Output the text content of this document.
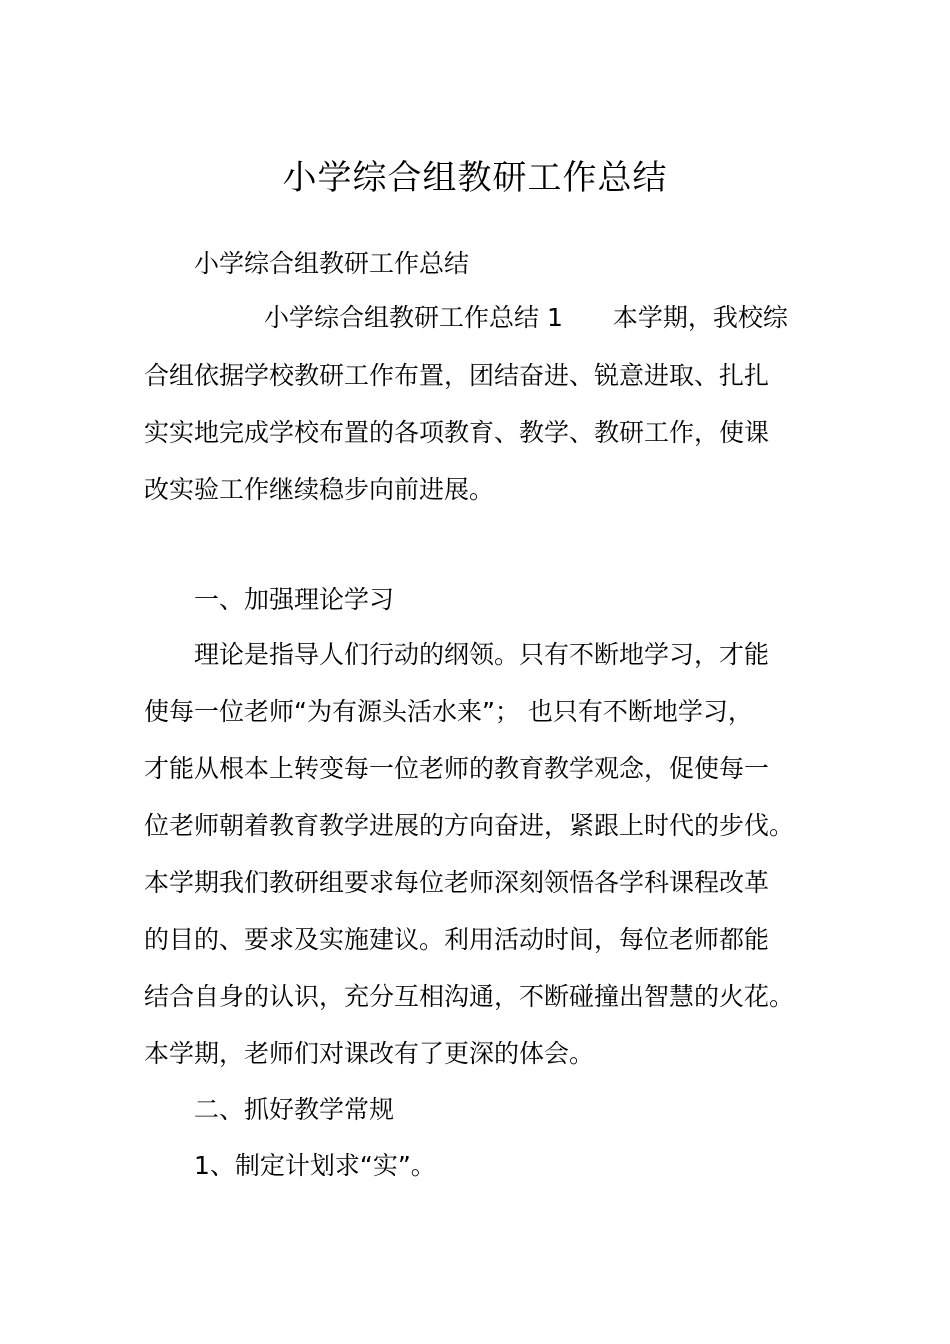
小学综合组教研工作总结
小学综合组教研工作总结
小学综合组教研工作总结 1 本学期，我校综
合组依据学校教研工作布置，团结奋进、锐意进取、扎扎
实实地完成学校布置的各项教育、教学、教研工作，使课
改实验工作继续稳步向前进展。
一、加强理论学习
理论是指导人们行动的纲领。只有不断地学习，才能
使每一位老师“为有源头活水来”； 也只有不断地学习，
才能从根本上转变每一位老师的教育教学观念，促使每一
位老师朝着教育教学进展的方向奋进，紧跟上时代的步伐。
本学期我们教研组要求每位老师深刻领悟各学科课程改革
的目的、要求及实施建议。利用活动时间，每位老师都能
结合自身的认识，充分互相沟通，不断碰撞出智慧的火花。
本学期，老师们对课改有了更深的体会。
二、抓好教学常规
1、制定计划求“实”。
